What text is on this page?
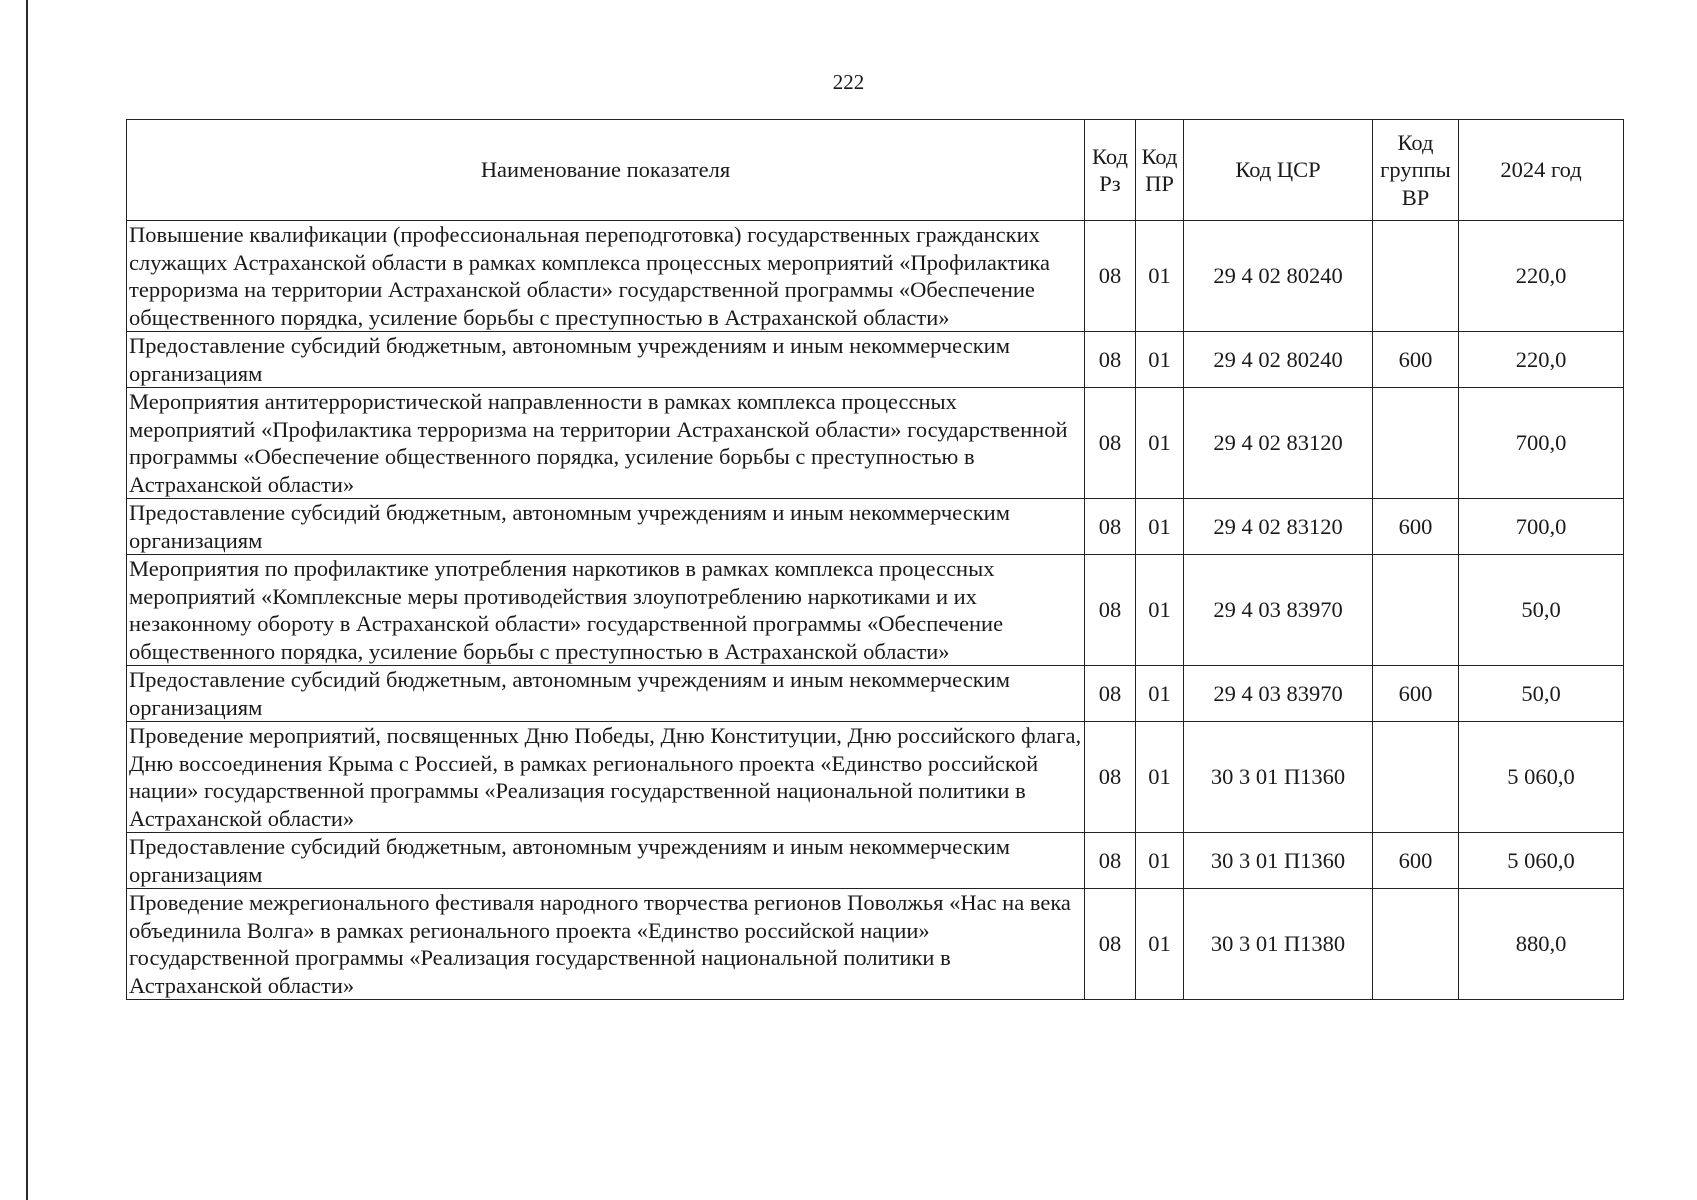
222
Наименование показателя	Код Рз	Код ПР	Код ЦСР	Код группы ВР	2024 год
Повышение квалификации (профессиональная переподготовка) государственных гражданских служащих Астраханской области в рамках комплекса процессных мероприятий «Профилактика терроризма на территории Астраханской области» государственной программы «Обеспечение общественного порядка, усиление борьбы с преступностью в Астраханской области»	08	01	29 4 02 80240		220,0
Предоставление субсидий бюджетным, автономным учреждениям и иным некоммерческим организациям	08	01	29 4 02 80240	600	220,0
Мероприятия антитеррористической направленности в рамках комплекса процессных мероприятий «Профилактика терроризма на территории Астраханской области» государственной программы «Обеспечение общественного порядка, усиление борьбы с преступностью в Астраханской области»	08	01	29 4 02 83120		700,0
Предоставление субсидий бюджетным, автономным учреждениям и иным некоммерческим организациям	08	01	29 4 02 83120	600	700,0
Мероприятия по профилактике употребления наркотиков в рамках комплекса процессных мероприятий «Комплексные меры противодействия злоупотреблению наркотиками и их незаконному обороту в Астраханской области» государственной программы «Обеспечение общественного порядка, усиление борьбы с преступностью в Астраханской области»	08	01	29 4 03 83970		50,0
Предоставление субсидий бюджетным, автономным учреждениям и иным некоммерческим организациям	08	01	29 4 03 83970	600	50,0
Проведение мероприятий, посвященных Дню Победы, Дню Конституции, Дню российского флага, Дню воссоединения Крыма с Россией, в рамках регионального проекта «Единство российской нации» государственной программы «Реализация государственной национальной политики в Астраханской области»	08	01	30 3 01 П1360		5 060,0
Предоставление субсидий бюджетным, автономным учреждениям и иным некоммерческим организациям	08	01	30 3 01 П1360	600	5 060,0
Проведение межрегионального фестиваля народного творчества регионов Поволжья «Нас на века объединила Волга» в рамках регионального проекта «Единство российской нации» государственной программы «Реализация государственной национальной политики в Астраханской области»	08	01	30 3 01 П1380		880,0
